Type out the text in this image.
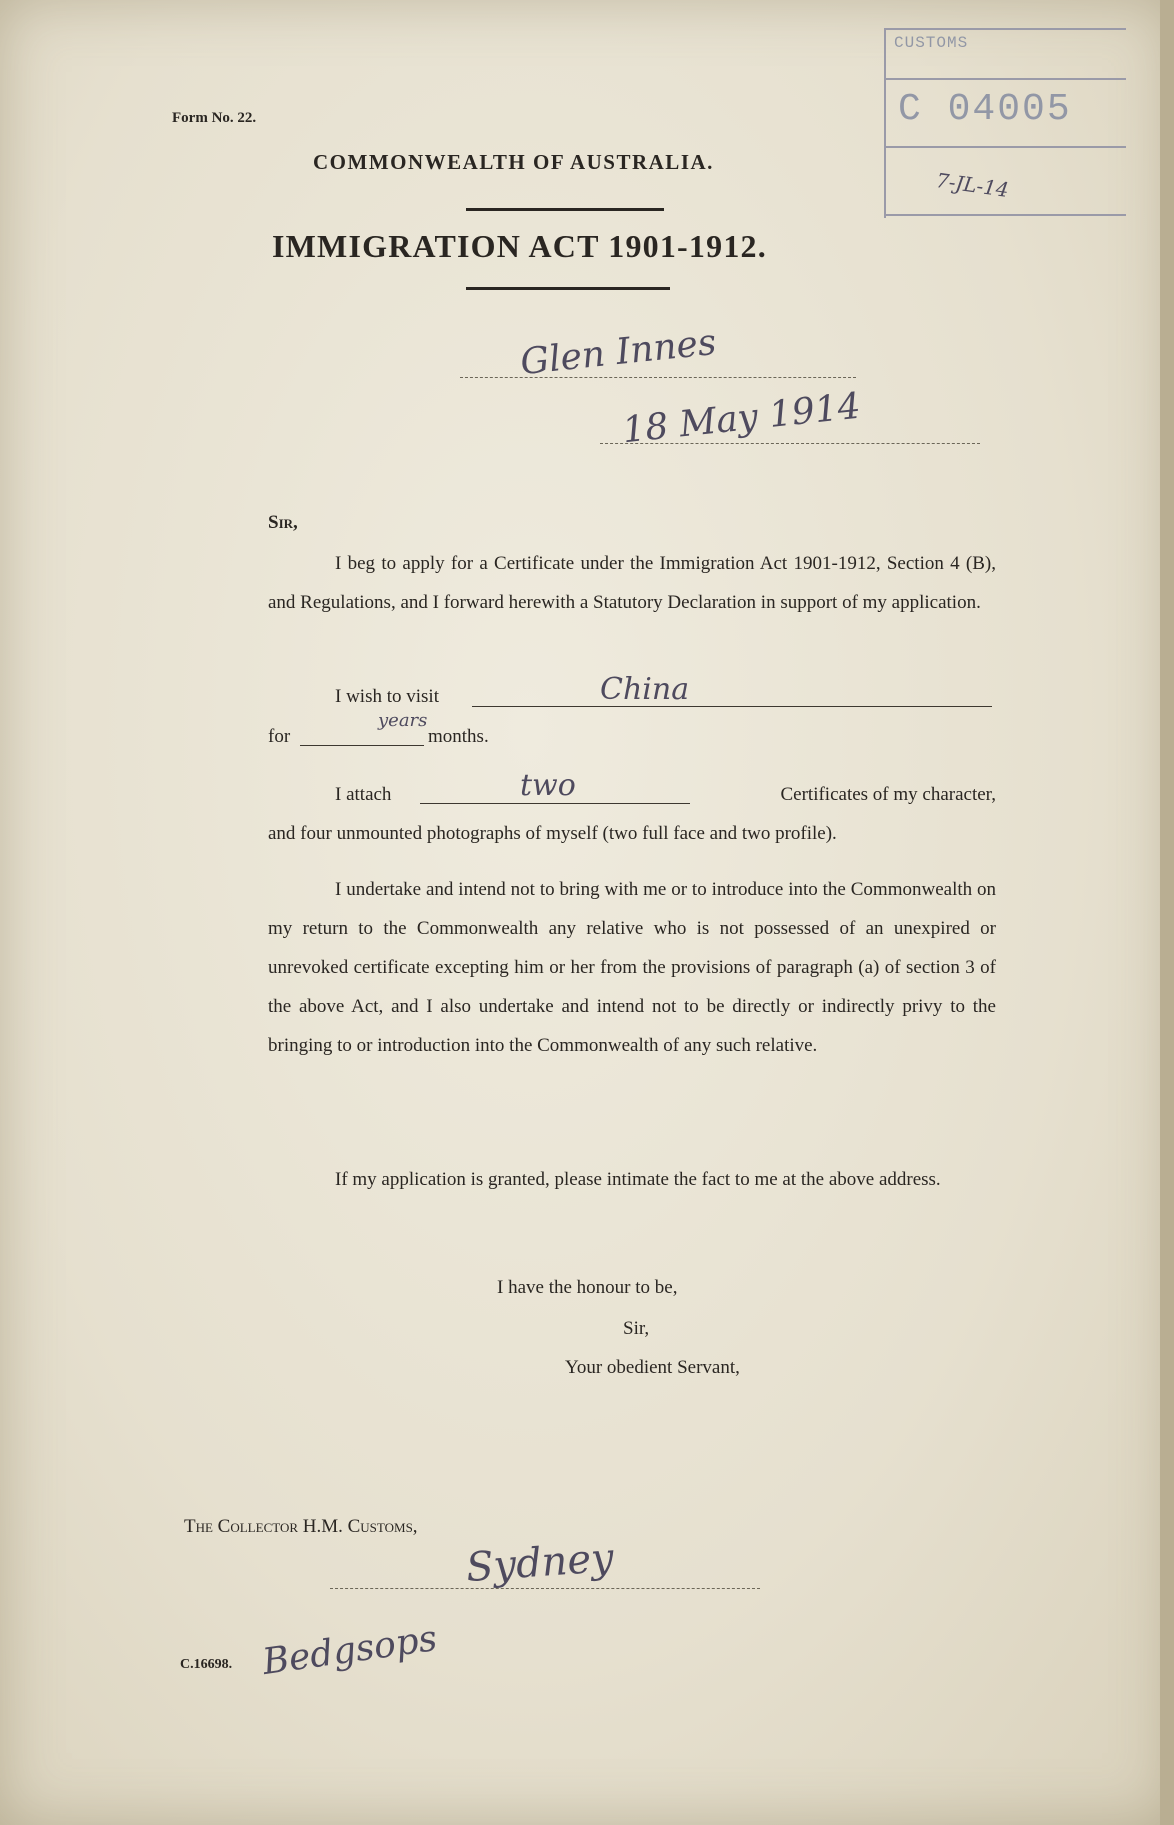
Form No. 22.
COMMONWEALTH OF AUSTRALIA.
IMMIGRATION ACT 1901-1912.
CUSTOMS
C 04005
7-JL-14
Glen Innes
18 May 1914
Sir,
I beg to apply for a Certificate under the Immigration Act 1901-1912, Section 4 (B), and Regulations, and I forward herewith a Statutory Declaration in support of my application.
I wish to visit	China
for
years
months.
I attach	two	Certificates of my character,
and four unmounted photographs of myself (two full face and two profile).
I undertake and intend not to bring with me or to introduce into the Commonwealth on my return to the Commonwealth any relative who is not possessed of an unexpired or unrevoked certificate excepting him or her from the provisions of paragraph (a) of section 3 of the above Act, and I also undertake and intend not to be directly or indirectly privy to the bringing to or introduction into the Commonwealth of any such relative.
If my application is granted, please intimate the fact to me at the above address.
I have the honour to be,
Sir,
Your obedient Servant,
The Collector H.M. Customs,
Sydney
C.16698. Bedgsops
